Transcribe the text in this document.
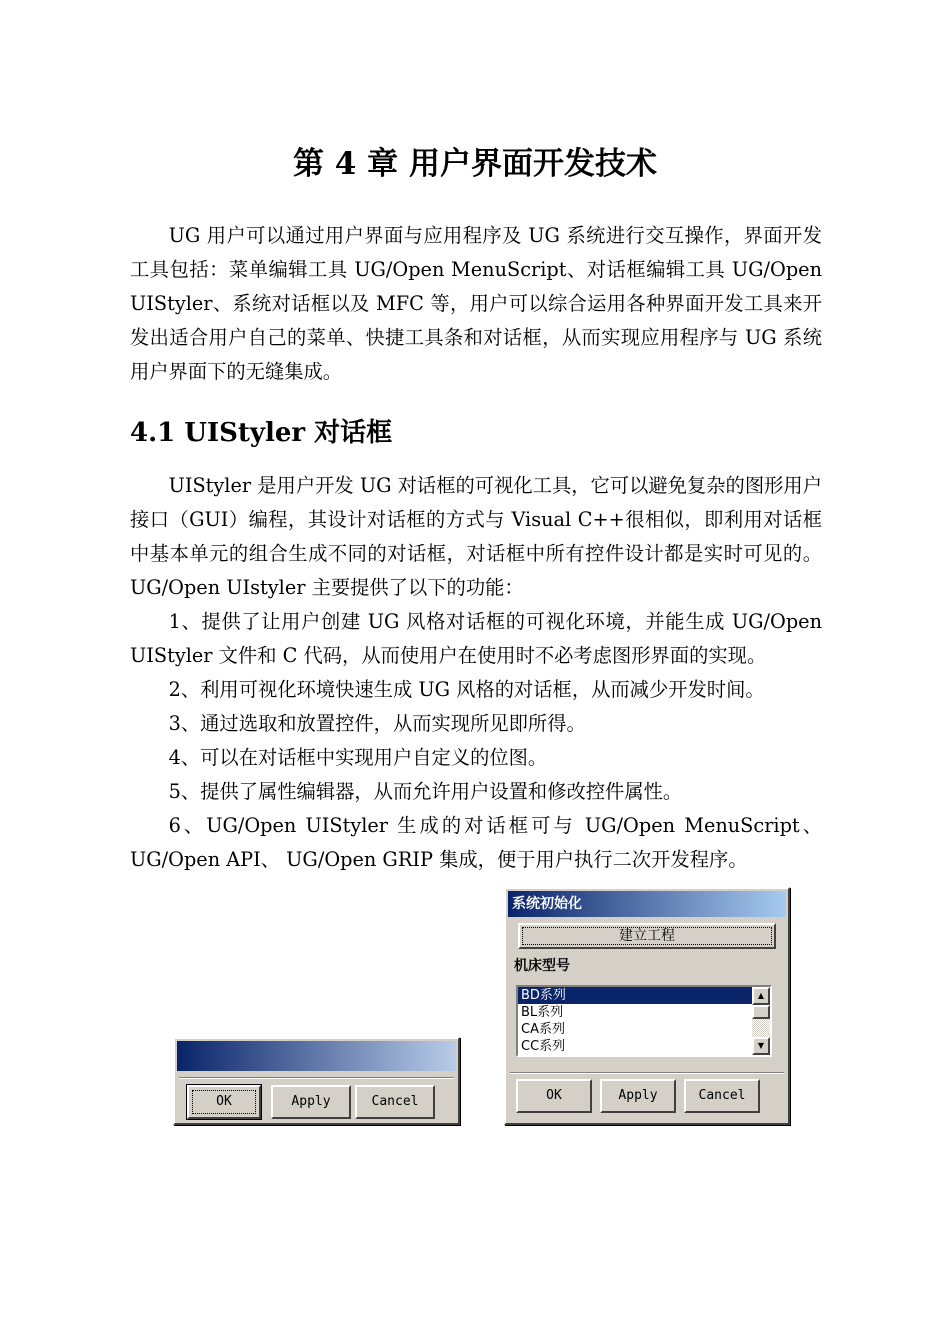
第 4 章 用户界面开发技术

UG 用户可以通过用户界面与应用程序及 UG 系统进行交互操作，界面开发工具包括：菜单编辑工具 UG/Open MenuScript、对话框编辑工具 UG/Open UIStyler、系统对话框以及 MFC 等，用户可以综合运用各种界面开发工具来开发出适合用户自己的菜单、快捷工具条和对话框，从而实现应用程序与 UG 系统用户界面下的无缝集成。

4.1 UIStyler 对话框

UIStyler 是用户开发 UG 对话框的可视化工具，它可以避免复杂的图形用户接口（GUI）编程，其设计对话框的方式与 Visual C++很相似，即利用对话框中基本单元的组合生成不同的对话框，对话框中所有控件设计都是实时可见的。UG/Open UIstyler 主要提供了以下的功能：

1、提供了让用户创建 UG 风格对话框的可视化环境，并能生成 UG/Open UIStyler 文件和 C 代码，从而使用户在使用时不必考虑图形界面的实现。
2、利用可视化环境快速生成 UG 风格的对话框，从而减少开发时间。
3、通过选取和放置控件，从而实现所见即所得。
4、可以在对话框中实现用户自定义的位图。
5、提供了属性编辑器，从而允许用户设置和修改控件属性。
6、UG/Open UIStyler 生成的对话框可与 UG/Open MenuScript、UG/Open API、 UG/Open GRIP 集成，便于用户执行二次开发程序。
OK	Apply	Cancel
系统初始化
建立工程
机床型号
BD系列
BL系列
CA系列
CC系列
▲
▼
OK	Apply	Cancel
